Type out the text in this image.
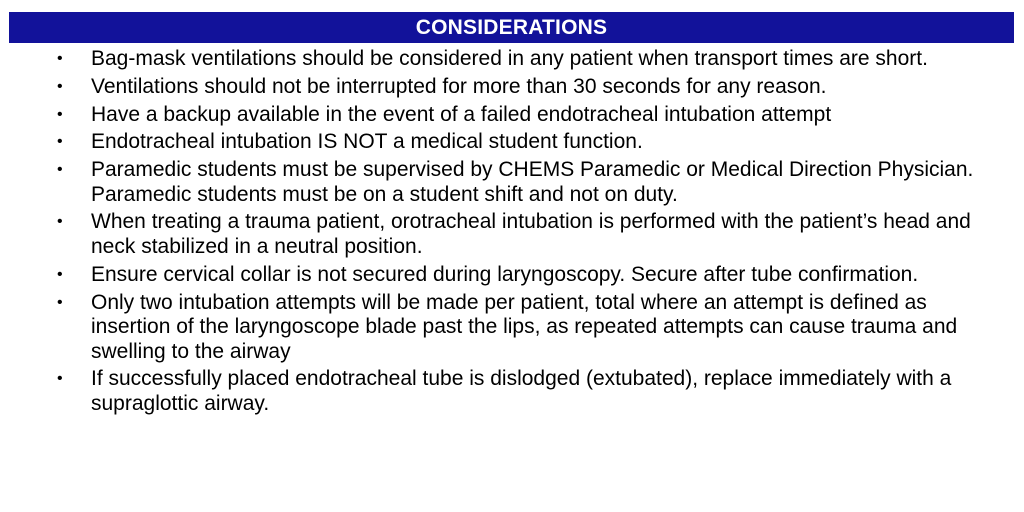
CONSIDERATIONS
• Bag-mask ventilations should be considered in any patient when transport times are short.
• Ventilations should not be interrupted for more than 30 seconds for any reason.
• Have a backup available in the event of a failed endotracheal intubation attempt
• Endotracheal intubation IS NOT a medical student function.
• Paramedic students must be supervised by CHEMS Paramedic or Medical Direction Physician. Paramedic students must be on a student shift and not on duty.
• When treating a trauma patient, orotracheal intubation is performed with the patient’s head and neck stabilized in a neutral position.
• Ensure cervical collar is not secured during laryngoscopy. Secure after tube confirmation.
• Only two intubation attempts will be made per patient, total where an attempt is defined as insertion of the laryngoscope blade past the lips, as repeated attempts can cause trauma and swelling to the airway
• If successfully placed endotracheal tube is dislodged (extubated), replace immediately with a supraglottic airway.
